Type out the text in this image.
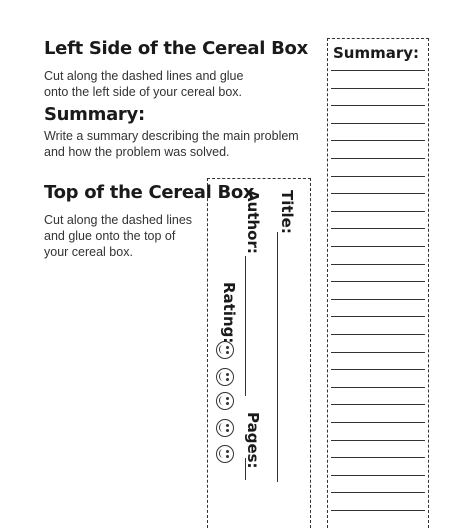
Left Side of the Cereal Box
Cut along the dashed lines and glue
onto the left side of your cereal box.
Summary:
Write a summary describing the main problem
and how the problem was solved.
Top of the Cereal Box
Cut along the dashed lines
and glue onto the top of
your cereal box.
Title:
Author:
Rating:
Pages:
Summary:
